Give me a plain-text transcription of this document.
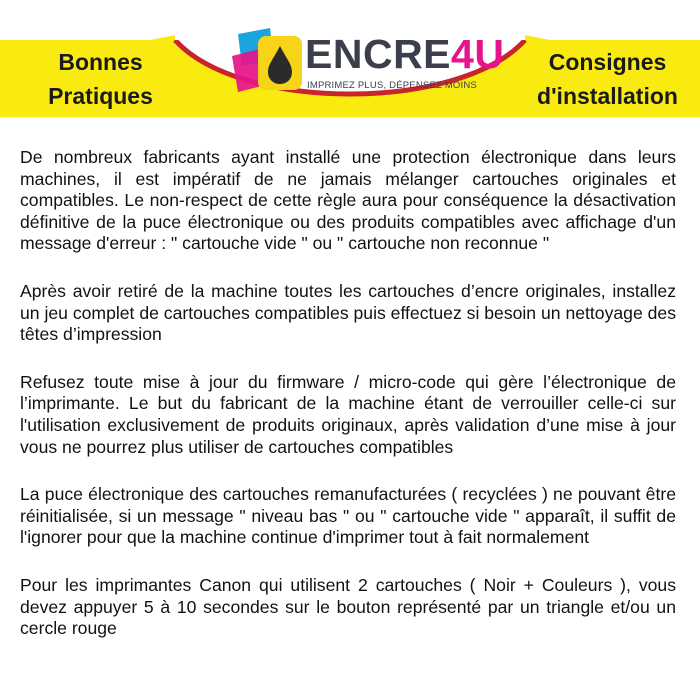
Bonnes
Pratiques
ENCRE4U
IMPRIMEZ PLUS, DÉPENSEZ MOINS
Consignes
d'installation

De nombreux fabricants ayant installé une protection électronique dans leurs machines, il est impératif de ne jamais mélanger cartouches originales et compatibles. Le non-respect de cette règle aura pour conséquence la désactivation définitive de la puce électronique ou des produits compatibles avec affichage d'un message d'erreur : " cartouche vide " ou " cartouche non reconnue "

Après avoir retiré de la machine toutes les cartouches d’encre originales, installez un jeu complet de cartouches compatibles puis effectuez si besoin un nettoyage des têtes d’impression

Refusez toute mise à jour du firmware / micro-code qui gère l’électronique de l’imprimante. Le but du fabricant de la machine étant de verrouiller celle-ci sur l'utilisation exclusivement de produits originaux, après validation d’une mise à jour vous ne pourrez plus utiliser de cartouches compatibles

La puce électronique des cartouches remanufacturées ( recyclées ) ne pouvant être réinitialisée, si un message " niveau bas " ou " cartouche vide " apparaît, il suffit de l'ignorer pour que la machine continue d'imprimer tout à fait normalement

Pour les imprimantes Canon qui utilisent 2 cartouches ( Noir + Couleurs ), vous devez appuyer 5 à 10 secondes sur le bouton représenté par un triangle et/ou un cercle rouge
